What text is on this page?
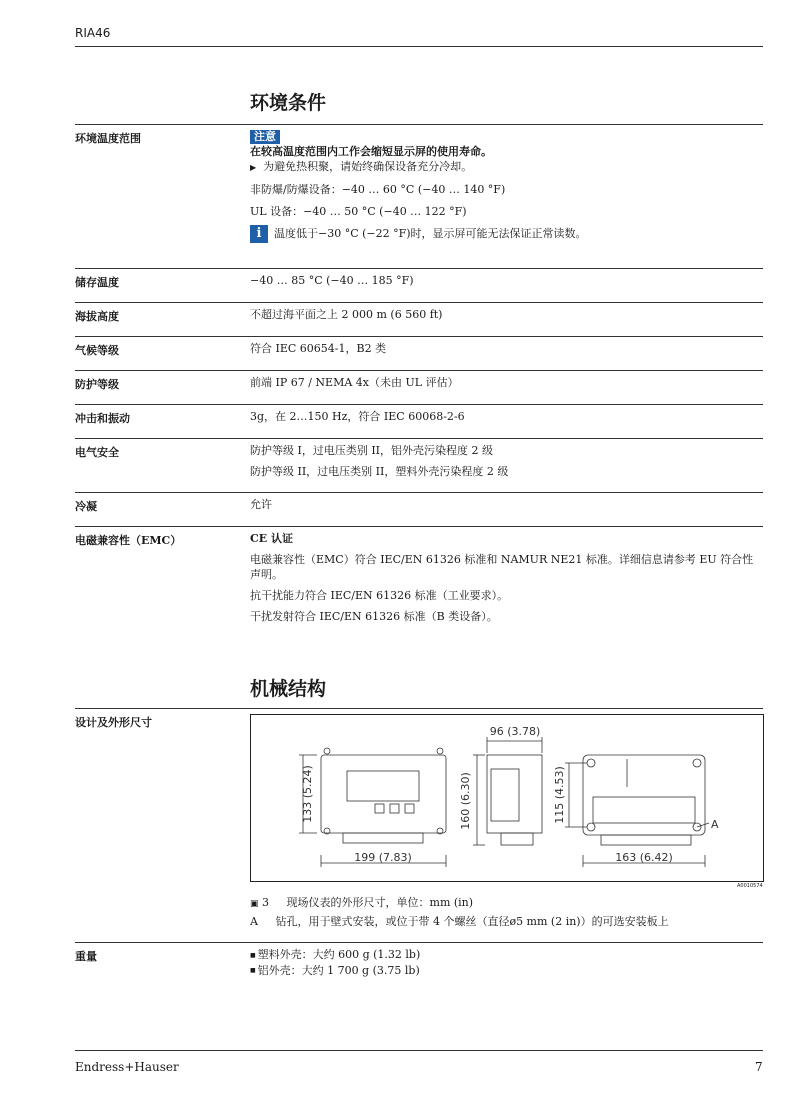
RIA46
环境条件
环境温度范围	注意
在较高温度范围内工作会缩短显示屏的使用寿命。
▶ 为避免热积聚，请始终确保设备充分冷却。
非防爆/防爆设备：−40 … 60 °C (−40 … 140 °F)
UL 设备：−40 … 50 °C (−40 … 122 °F)
i 温度低于−30 °C (−22 °F)时，显示屏可能无法保证正常读数。
储存温度	−40 … 85 °C (−40 … 185 °F)
海拔高度	不超过海平面之上 2 000 m (6 560 ft)
气候等级	符合 IEC 60654-1，B2 类
防护等级	前端 IP 67 / NEMA 4x（未由 UL 评估）
冲击和振动	3g，在 2…150 Hz，符合 IEC 60068-2-6
电气安全	防护等级 I，过电压类别 II，铝外壳污染程度 2 级
防护等级 II，过电压类别 II，塑料外壳污染程度 2 级
冷凝	允许
电磁兼容性（EMC）	CE 认证
电磁兼容性（EMC）符合 IEC/EN 61326 标准和 NAMUR NE21 标准。详细信息请参考 EU 符合性
声明。
抗干扰能力符合 IEC/EN 61326 标准（工业要求）。
干扰发射符合 IEC/EN 61326 标准（B 类设备）。
机械结构
设计及外形尺寸
133 (5.24)
199 (7.83)
96 (3.78)
160 (6.30)	115 (4.53)
163 (6.42)
A
A0010574
▣ 3 现场仪表的外形尺寸，单位：mm (in)
A 钻孔，用于壁式安装，或位于带 4 个螺丝（直径ø5 mm (2 in)）的可选安装板上
重量
■	塑料外壳：大约 600 g (1.32 lb)
■ 铝外壳：大约 1 700 g (3.75 lb)
Endress+Hauser	7
